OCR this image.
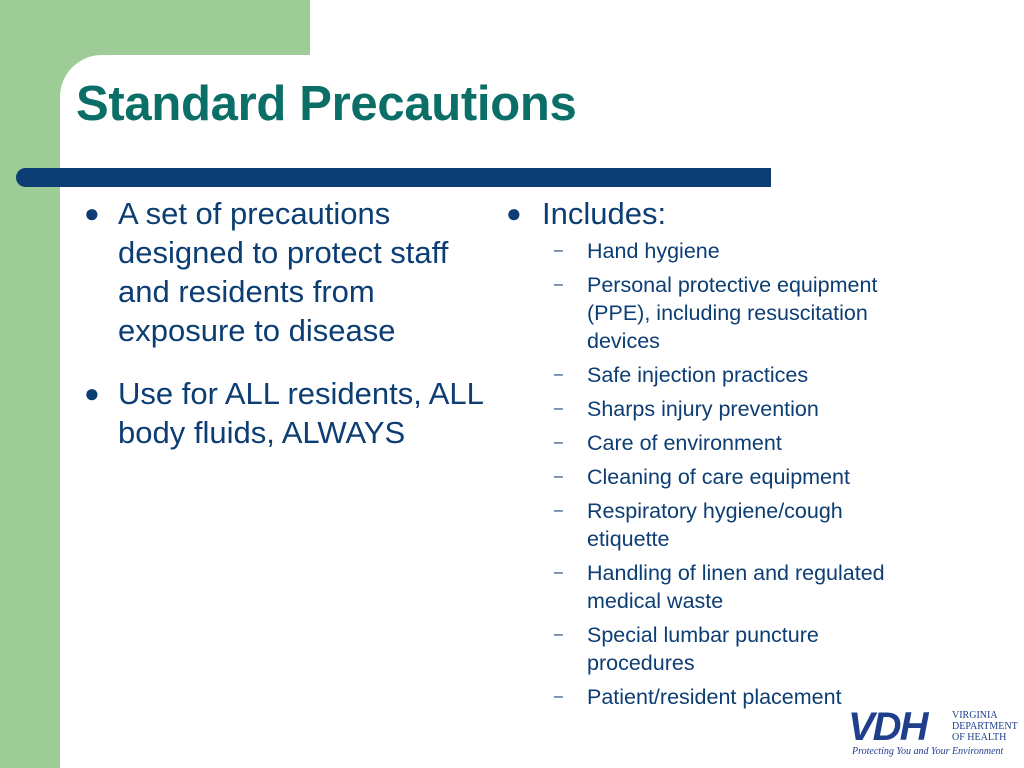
Standard Precautions
● A set of precautions designed to protect staff and residents from exposure to disease
● Use for ALL residents, ALL body fluids, ALWAYS
● Includes:
– Hand hygiene
– Personal protective equipment (PPE), including resuscitation devices
– Safe injection practices
– Sharps injury prevention
– Care of environment
– Cleaning of care equipment
– Respiratory hygiene/cough etiquette
– Handling of linen and regulated medical waste
– Special lumbar puncture procedures
– Patient/resident placement
VDH	VIRGINIA
DEPARTMENT
OF HEALTH
Protecting You and Your Environment
